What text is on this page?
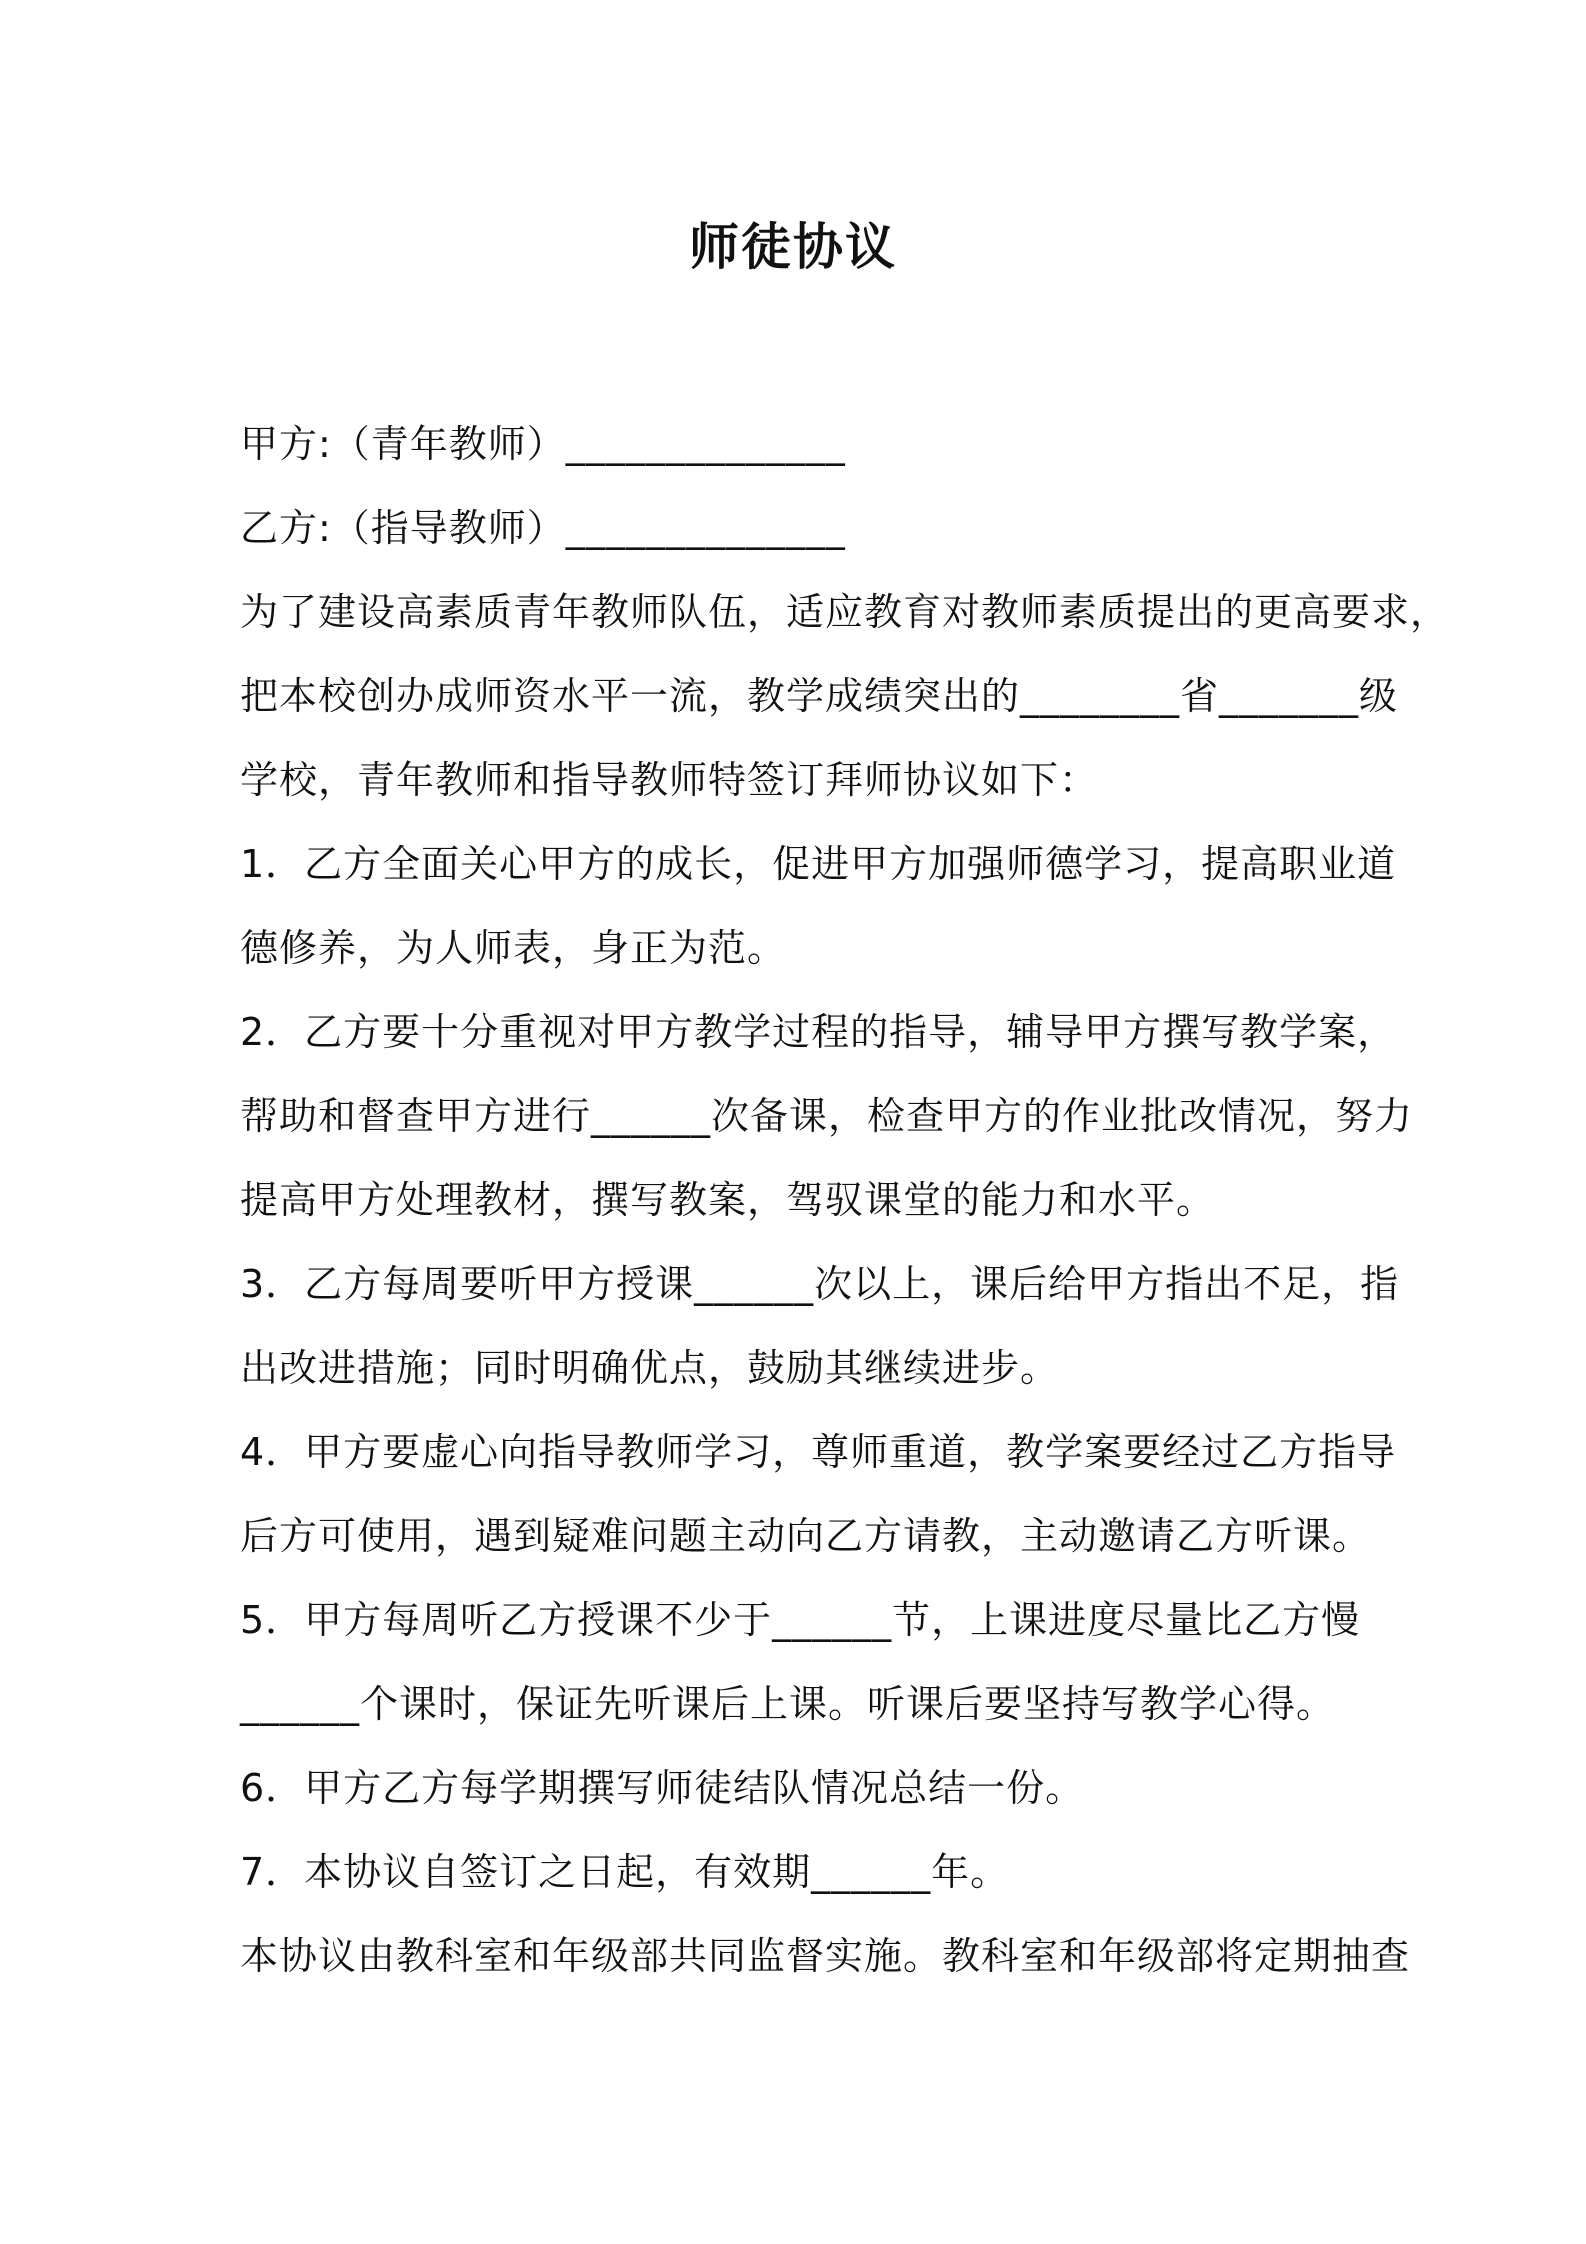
师徒协议
甲方:（青年教师）______________
乙方:（指导教师）______________
为了建设高素质青年教师队伍，适应教育对教师素质提出的更高要求，
把本校创办成师资水平一流，教学成绩突出的________省_______级
学校，青年教师和指导教师特签订拜师协议如下：
1．乙方全面关心甲方的成长，促进甲方加强师德学习，提高职业道
德修养，为人师表，身正为范。
2．乙方要十分重视对甲方教学过程的指导，辅导甲方撰写教学案，
帮助和督查甲方进行______次备课，检查甲方的作业批改情况，努力
提高甲方处理教材，撰写教案，驾驭课堂的能力和水平。
3．乙方每周要听甲方授课______次以上，课后给甲方指出不足，指
出改进措施；同时明确优点，鼓励其继续进步。
4．甲方要虚心向指导教师学习，尊师重道，教学案要经过乙方指导
后方可使用，遇到疑难问题主动向乙方请教，主动邀请乙方听课。
5．甲方每周听乙方授课不少于______节，上课进度尽量比乙方慢
______个课时，保证先听课后上课。听课后要坚持写教学心得。
6．甲方乙方每学期撰写师徒结队情况总结一份。
7．本协议自签订之日起，有效期______年。
本协议由教科室和年级部共同监督实施。教科室和年级部将定期抽查
